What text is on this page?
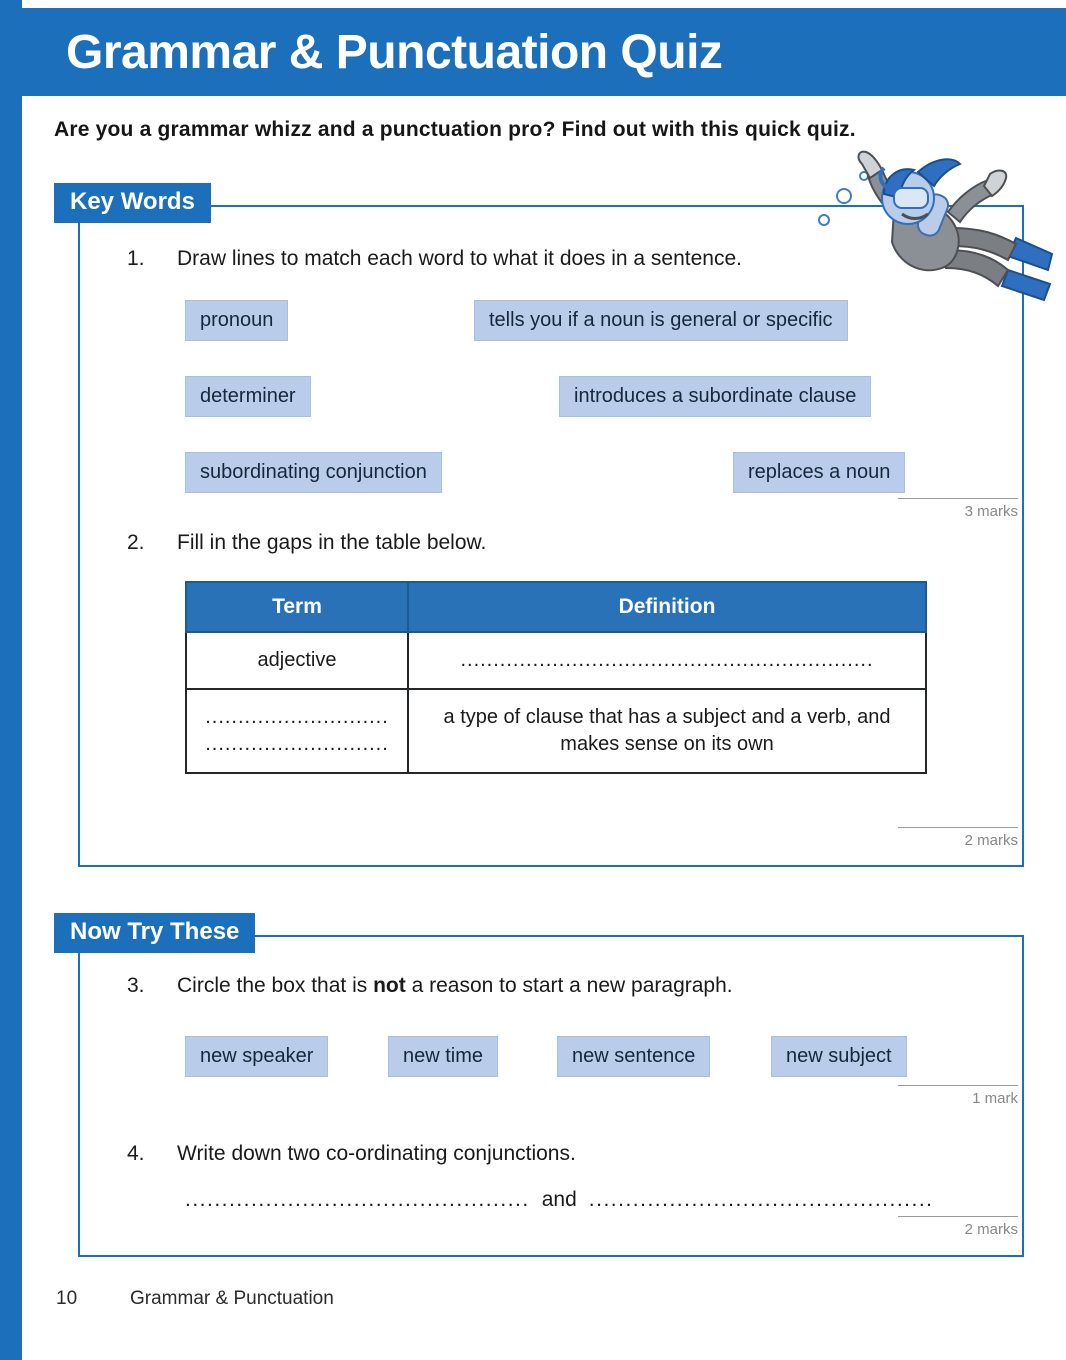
Grammar & Punctuation Quiz
Are you a grammar whizz and a punctuation pro? Find out with this quick quiz.
Key Words
1.	Draw lines to match each word to what it does in a sentence.
pronoun
determiner
subordinating conjunction
tells you if a noun is general or specific
introduces a subordinate clause
replaces a noun
3 marks
2.	Fill in the gaps in the table below.
Term	Definition
adjective	...............................................................

............................
............................	a type of clause that has a subject and a verb, and makes sense on its own
2 marks
Now Try These
3.	Circle the box that is not a reason to start a new paragraph.
new speaker	new time	new sentence	new subject
1 mark
4.	Write down two co-ordinating conjunctions.
............................................... and ...............................................
2 marks
10	Grammar & Punctuation
